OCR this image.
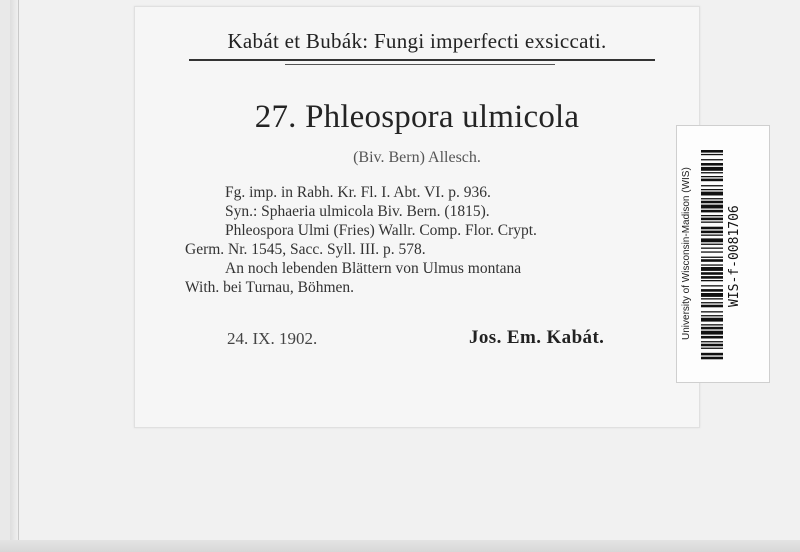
Kabát et Bubák: Fungi imperfecti exsiccati.
27. Phleospora ulmicola
(Biv. Bern) Allesch.
Fg. imp. in Rabh. Kr. Fl. I. Abt. VI. p. 936.
Syn.: Sphaeria ulmicola Biv. Bern. (1815).
Phleospora Ulmi (Fries) Wallr. Comp. Flor. Crypt.
Germ. Nr. 1545, Sacc. Syll. III. p. 578.
An noch lebenden Blättern von Ulmus montana
With. bei Turnau, Böhmen.
24. IX. 1902.	Jos. Em. Kabát.	University of Wisconsin-Madison (WIS)	WIS-f-0081706
